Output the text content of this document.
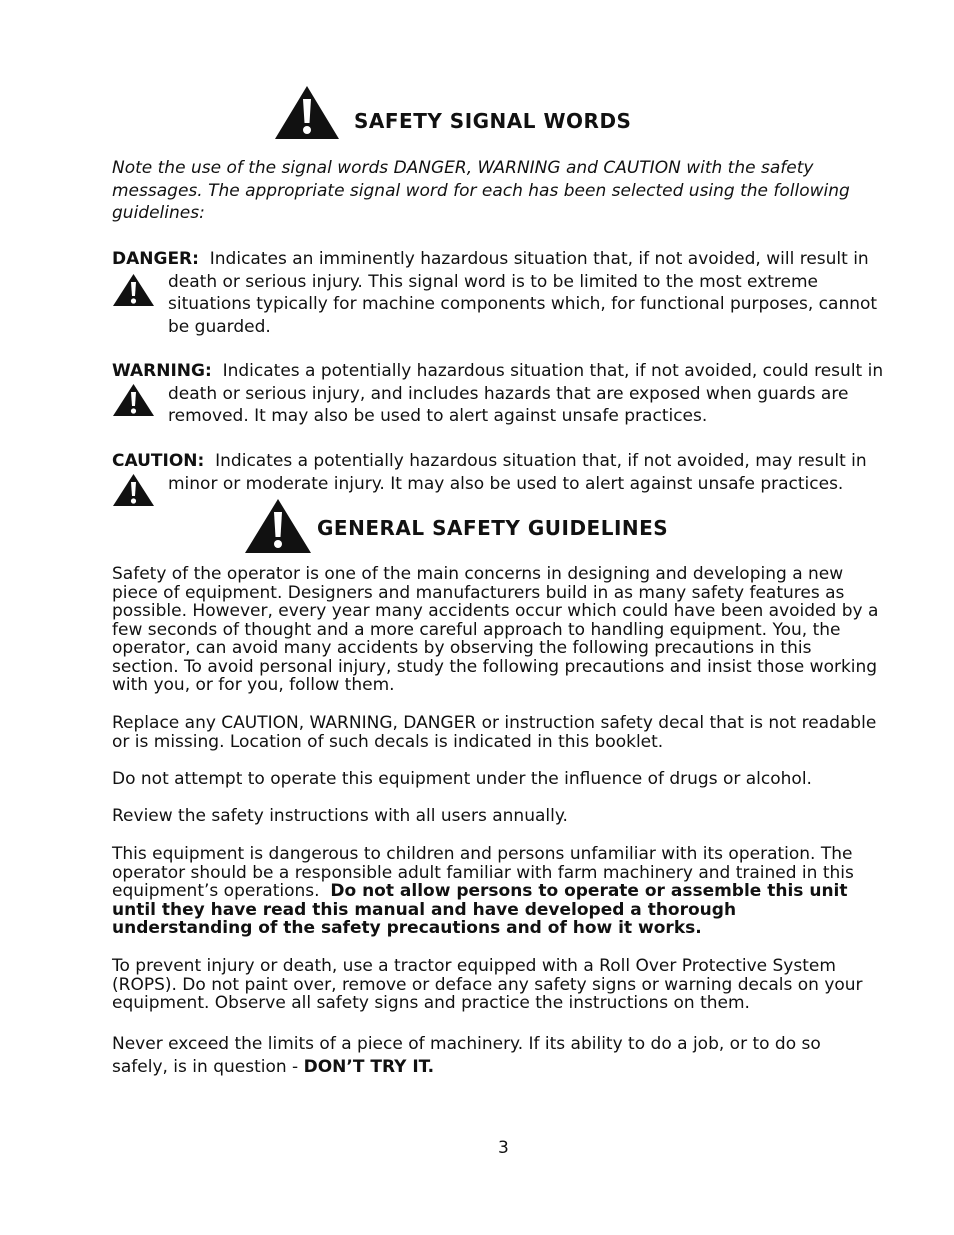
SAFETY SIGNAL WORDS
Note the use of the signal words DANGER, WARNING and CAUTION with the safety messages. The appropriate signal word for each has been selected using the following guidelines:
DANGER: Indicates an imminently hazardous situation that, if not avoided, will result in
death or serious injury. This signal word is to be limited to the most extreme situations typically for machine components which, for functional purposes, cannot be guarded.
WARNING: Indicates a potentially hazardous situation that, if not avoided, could result in
death or serious injury, and includes hazards that are exposed when guards are removed. It may also be used to alert against unsafe practices.
CAUTION: Indicates a potentially hazardous situation that, if not avoided, may result in
minor or moderate injury. It may also be used to alert against unsafe practices.
GENERAL SAFETY GUIDELINES
Safety of the operator is one of the main concerns in designing and developing a new piece of equipment. Designers and manufacturers build in as many safety features as possible. However, every year many accidents occur which could have been avoided by a few seconds of thought and a more careful approach to handling equipment. You, the operator, can avoid many accidents by observing the following precautions in this section. To avoid personal injury, study the following precautions and insist those working with you, or for you, follow them.
Replace any CAUTION, WARNING, DANGER or instruction safety decal that is not readable or is missing. Location of such decals is indicated in this booklet.
Do not attempt to operate this equipment under the influence of drugs or alcohol.
Review the safety instructions with all users annually.
This equipment is dangerous to children and persons unfamiliar with its operation. The operator should be a responsible adult familiar with farm machinery and trained in this equipment’s operations. Do not allow persons to operate or assemble this unit until they have read this manual and have developed a thorough understanding of the safety precautions and of how it works.
To prevent injury or death, use a tractor equipped with a Roll Over Protective System (ROPS). Do not paint over, remove or deface any safety signs or warning decals on your equipment. Observe all safety signs and practice the instructions on them.
Never exceed the limits of a piece of machinery. If its ability to do a job, or to do so safely, is in question - DON’T TRY IT.
3
